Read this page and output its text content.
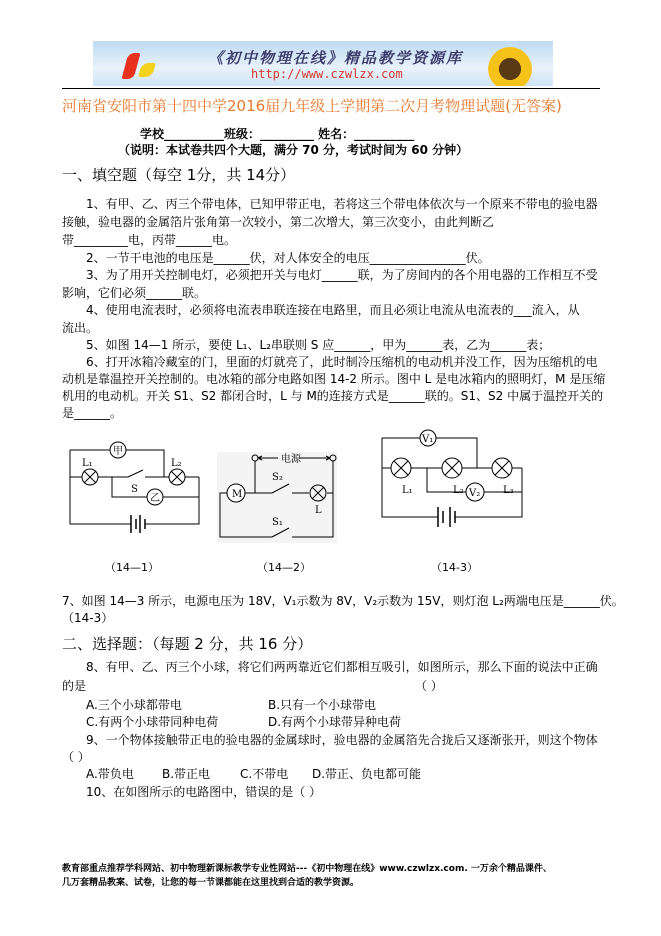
《初中物理在线》精品教学资源库
http://www.czwlzx.com
河南省安阳市第十四中学2016届九年级上学期第二次月考物理试题(无答案)
学校__________班级：_________ 姓名：__________
（说明：本试卷共四个大题，满分 70 分，考试时间为 60 分钟）
一、填空题（每空 1分，共 14分）
1、有甲、乙、丙三个带电体，已知甲带正电，若将这三个带电体依次与一个原来不带电的验电器
接触，验电器的金属箔片张角第一次较小，第二次增大，第三次变小，由此判断乙
带_________电，丙带______电。
2、一节干电池的电压是______伏，对人体安全的电压________________伏。
3、为了用开关控制电灯，必须把开关与电灯______联，为了房间内的各个用电器的工作相互不受
影响，它们必须______联。
4、使用电流表时，必须将电流表串联连接在电路里，而且必须让电流从电流表的___流入，从
流出。
5、如图 14—1 所示，要使 L₁、L₂串联则 S 应______，甲为______表，乙为______表；
6、打开冰箱冷藏室的门，里面的灯就亮了，此时制冷压缩机的电动机并没工作，因为压缩机的电
动机是靠温控开关控制的。电冰箱的部分电路如图 14-2 所示。图中 L 是电冰箱内的照明灯，M 是压缩
机用的电动机。开关 S1、S2 都闭合时，L 与 M的连接方式是______联的。S1、S2 中属于温控开关的
是______。
甲
乙
L₁	L₂
S
电源
M
S₂
S₁
L
V₁
V₂
L₁	L₂	L₃
（14—1）	（14—2）	（14-3）
7、如图 14—3 所示，电源电压为 18V，V₁示数为 8V，V₂示数为 15V，则灯泡 L₂两端电压是______伏。
（14-3）
二、选择题：（每题 2 分，共 16 分）
8、有甲、乙、丙三个小球，将它们两两靠近它们都相互吸引，如图所示，那么下面的说法中正确
的是	（ ）
A.三个小球都带电	B.只有一个小球带电
C.有两个小球带同种电荷	D.有两个小球带异种电荷
9、一个物体接触带正电的验电器的金属球时，验电器的金属箔先合拢后又逐渐张开，则这个物体
（ ）
A.带负电 B.带正电 C.不带电 D.带正、负电都可能
10、在如图所示的电路图中，错误的是（ ）
教育部重点推荐学科网站、初中物理新课标教学专业性网站---《初中物理在线》www.czwlzx.com. 一万余个精品课件、
几万套精品教案、试卷，让您的每一节课都能在这里找到合适的教学资源。
